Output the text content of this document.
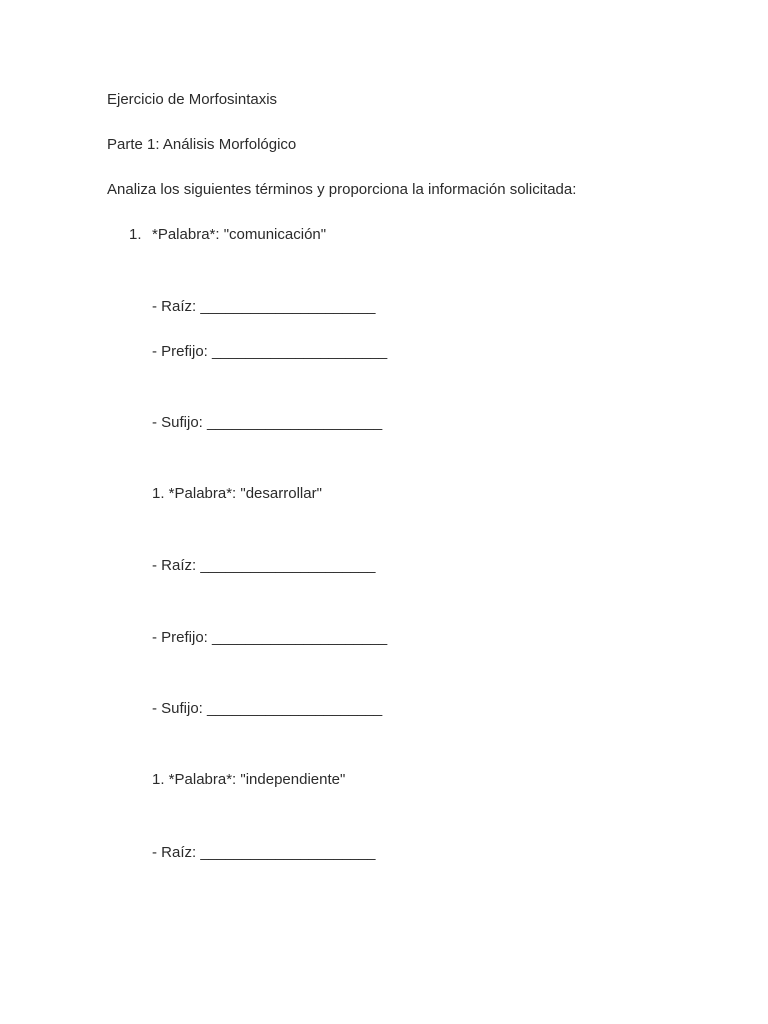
Ejercicio de Morfosintaxis
Parte 1: Análisis Morfológico
Analiza los siguientes términos y proporciona la información solicitada:
1. *Palabra*: "comunicación"
- Raíz: _____________________
- Prefijo: _____________________
- Sufijo: _____________________
1. *Palabra*: "desarrollar"
- Raíz: _____________________
- Prefijo: _____________________
- Sufijo: _____________________
1. *Palabra*: "independiente"
- Raíz: _____________________
